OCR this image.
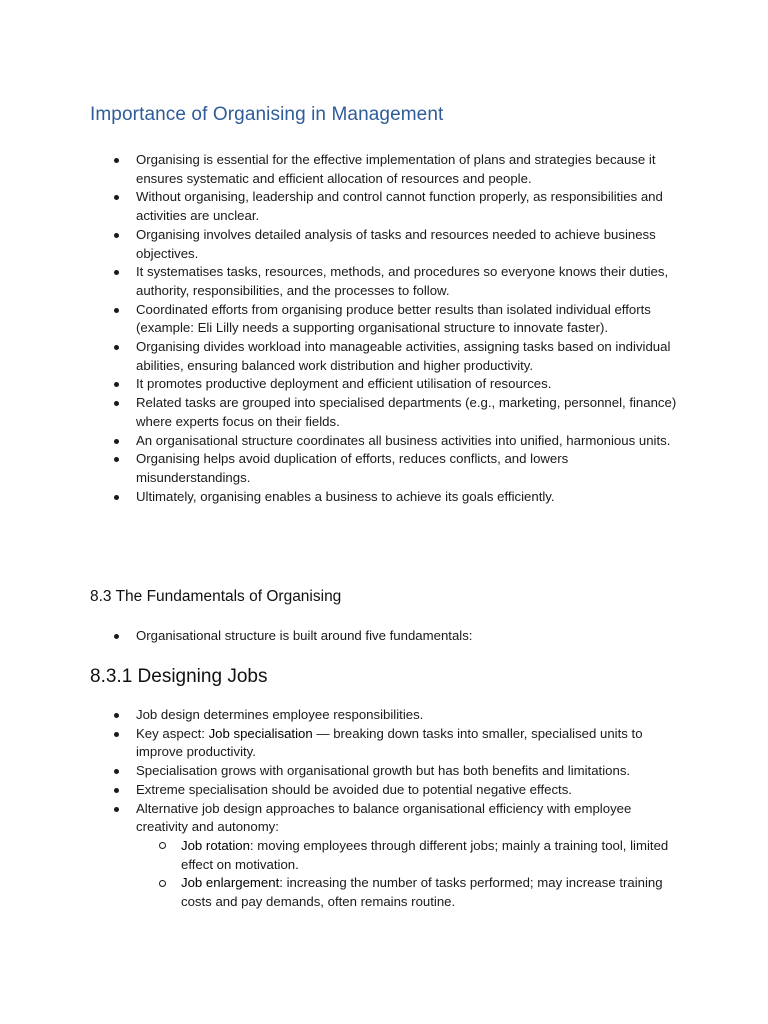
Importance of Organising in Management
Organising is essential for the effective implementation of plans and strategies because it ensures systematic and efficient allocation of resources and people.
Without organising, leadership and control cannot function properly, as responsibilities and activities are unclear.
Organising involves detailed analysis of tasks and resources needed to achieve business objectives.
It systematises tasks, resources, methods, and procedures so everyone knows their duties, authority, responsibilities, and the processes to follow.
Coordinated efforts from organising produce better results than isolated individual efforts (example: Eli Lilly needs a supporting organisational structure to innovate faster).
Organising divides workload into manageable activities, assigning tasks based on individual abilities, ensuring balanced work distribution and higher productivity.
It promotes productive deployment and efficient utilisation of resources.
Related tasks are grouped into specialised departments (e.g., marketing, personnel, finance) where experts focus on their fields.
An organisational structure coordinates all business activities into unified, harmonious units.
Organising helps avoid duplication of efforts, reduces conflicts, and lowers misunderstandings.
Ultimately, organising enables a business to achieve its goals efficiently.
8.3 The Fundamentals of Organising
Organisational structure is built around five fundamentals:
8.3.1 Designing Jobs
Job design determines employee responsibilities.
Key aspect: Job specialisation — breaking down tasks into smaller, specialised units to improve productivity.
Specialisation grows with organisational growth but has both benefits and limitations.
Extreme specialisation should be avoided due to potential negative effects.
Alternative job design approaches to balance organisational efficiency with employee creativity and autonomy:
Job rotation: moving employees through different jobs; mainly a training tool, limited effect on motivation.
Job enlargement: increasing the number of tasks performed; may increase training costs and pay demands, often remains routine.
